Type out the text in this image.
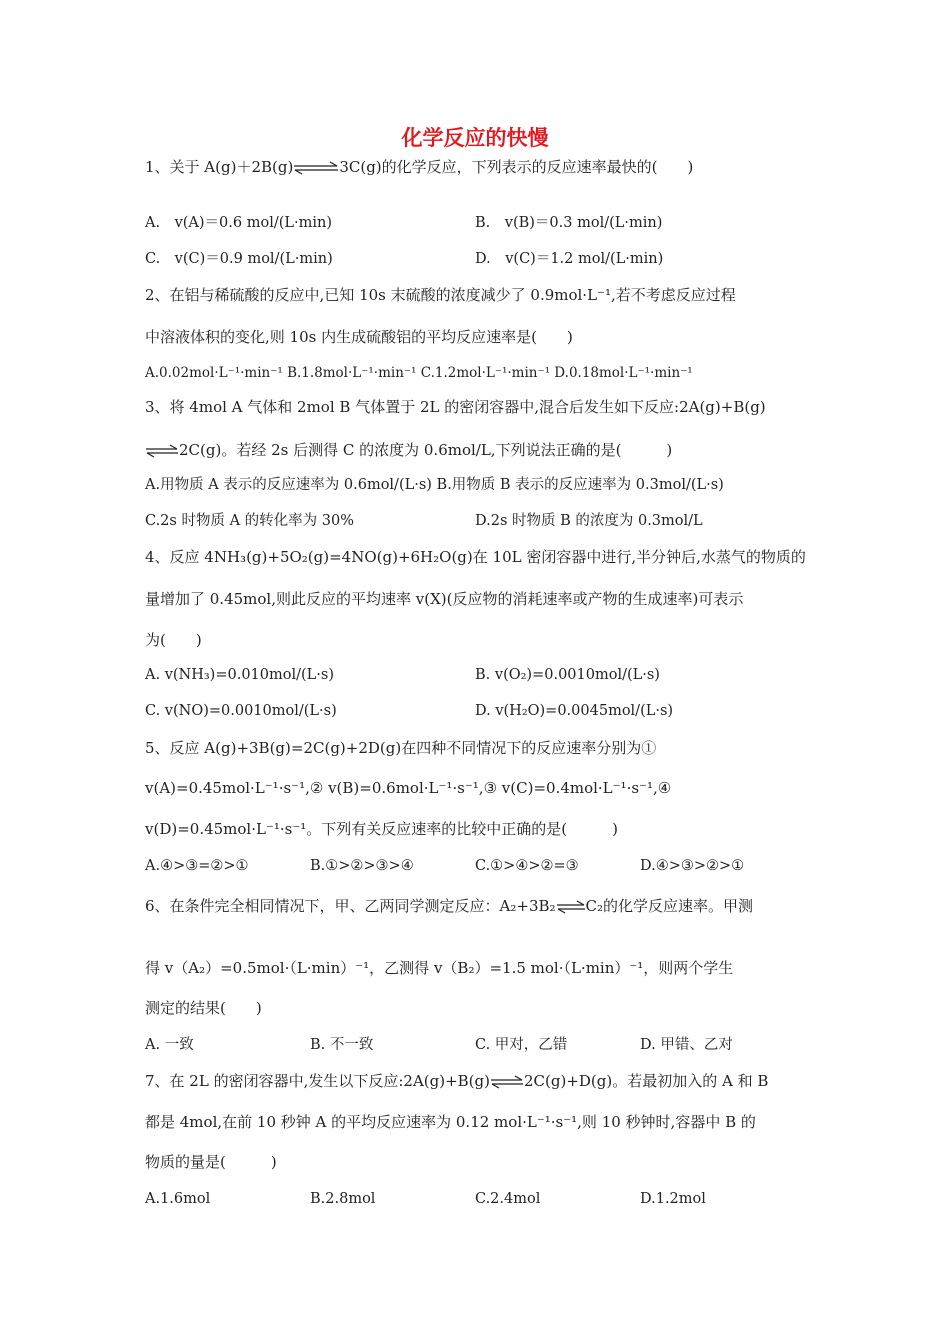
化学反应的快慢
1、关于 A(g)＋2B(g)⇌3C(g)的化学反应，下列表示的反应速率最快的(　　)
A.　v(A)＝0.6 mol/(L·min)	B.　v(B)＝0.3 mol/(L·min)
C.　v(C)＝0.9 mol/(L·min)	D.　v(C)＝1.2 mol/(L·min)
2、在铝与稀硫酸的反应中,已知 10s 末硫酸的浓度减少了 0.9mol·L⁻¹,若不考虑反应过程
中溶液体积的变化,则 10s 内生成硫酸铝的平均反应速率是(　　)
A.0.02mol·L⁻¹·min⁻¹ B.1.8mol·L⁻¹·min⁻¹ C.1.2mol·L⁻¹·min⁻¹ D.0.18mol·L⁻¹·min⁻¹
3、将 4mol A 气体和 2mol B 气体置于 2L 的密闭容器中,混合后发生如下反应:2A(g)+B(g)
⇌2C(g)。若经 2s 后测得 C 的浓度为 0.6mol/L,下列说法正确的是(　　　)
A.用物质 A 表示的反应速率为 0.6mol/(L·s) B.用物质 B 表示的反应速率为 0.3mol/(L·s)
C.2s 时物质 A 的转化率为 30%	D.2s 时物质 B 的浓度为 0.3mol/L
4、反应 4NH₃(g)+5O₂(g)=4NO(g)+6H₂O(g)在 10L 密闭容器中进行,半分钟后,水蒸气的物质的
量增加了 0.45mol,则此反应的平均速率 v(X)(反应物的消耗速率或产物的生成速率)可表示
为(　　)
A. v(NH₃)=0.010mol/(L·s)	B. v(O₂)=0.0010mol/(L·s)
C. v(NO)=0.0010mol/(L·s)	D. v(H₂O)=0.0045mol/(L·s)
5、反应 A(g)+3B(g)=2C(g)+2D(g)在四种不同情况下的反应速率分别为①
v(A)=0.45mol·L⁻¹·s⁻¹,② v(B)=0.6mol·L⁻¹·s⁻¹,③ v(C)=0.4mol·L⁻¹·s⁻¹,④
v(D)=0.45mol·L⁻¹·s⁻¹。下列有关反应速率的比较中正确的是(　　　)
A.④>③=②>①	B.①>②>③>④	C.①>④>②=③	D.④>③>②>①
6、在条件完全相同情况下，甲、乙两同学测定反应：A₂+3B₂⇌C₂的化学反应速率。甲测
得 v（A₂）=0.5mol·（L·min）⁻¹，乙测得 v（B₂）=1.5 mol·（L·min）⁻¹，则两个学生
测定的结果(　　)
A. 一致	B. 不一致	C. 甲对，乙错	D. 甲错、乙对
7、在 2L 的密闭容器中,发生以下反应:2A(g)+B(g)⇌2C(g)+D(g)。若最初加入的 A 和 B
都是 4mol,在前 10 秒钟 A 的平均反应速率为 0.12 mol·L⁻¹·s⁻¹,则 10 秒钟时,容器中 B 的
物质的量是(　　　)
A.1.6mol	B.2.8mol	C.2.4mol	D.1.2mol
